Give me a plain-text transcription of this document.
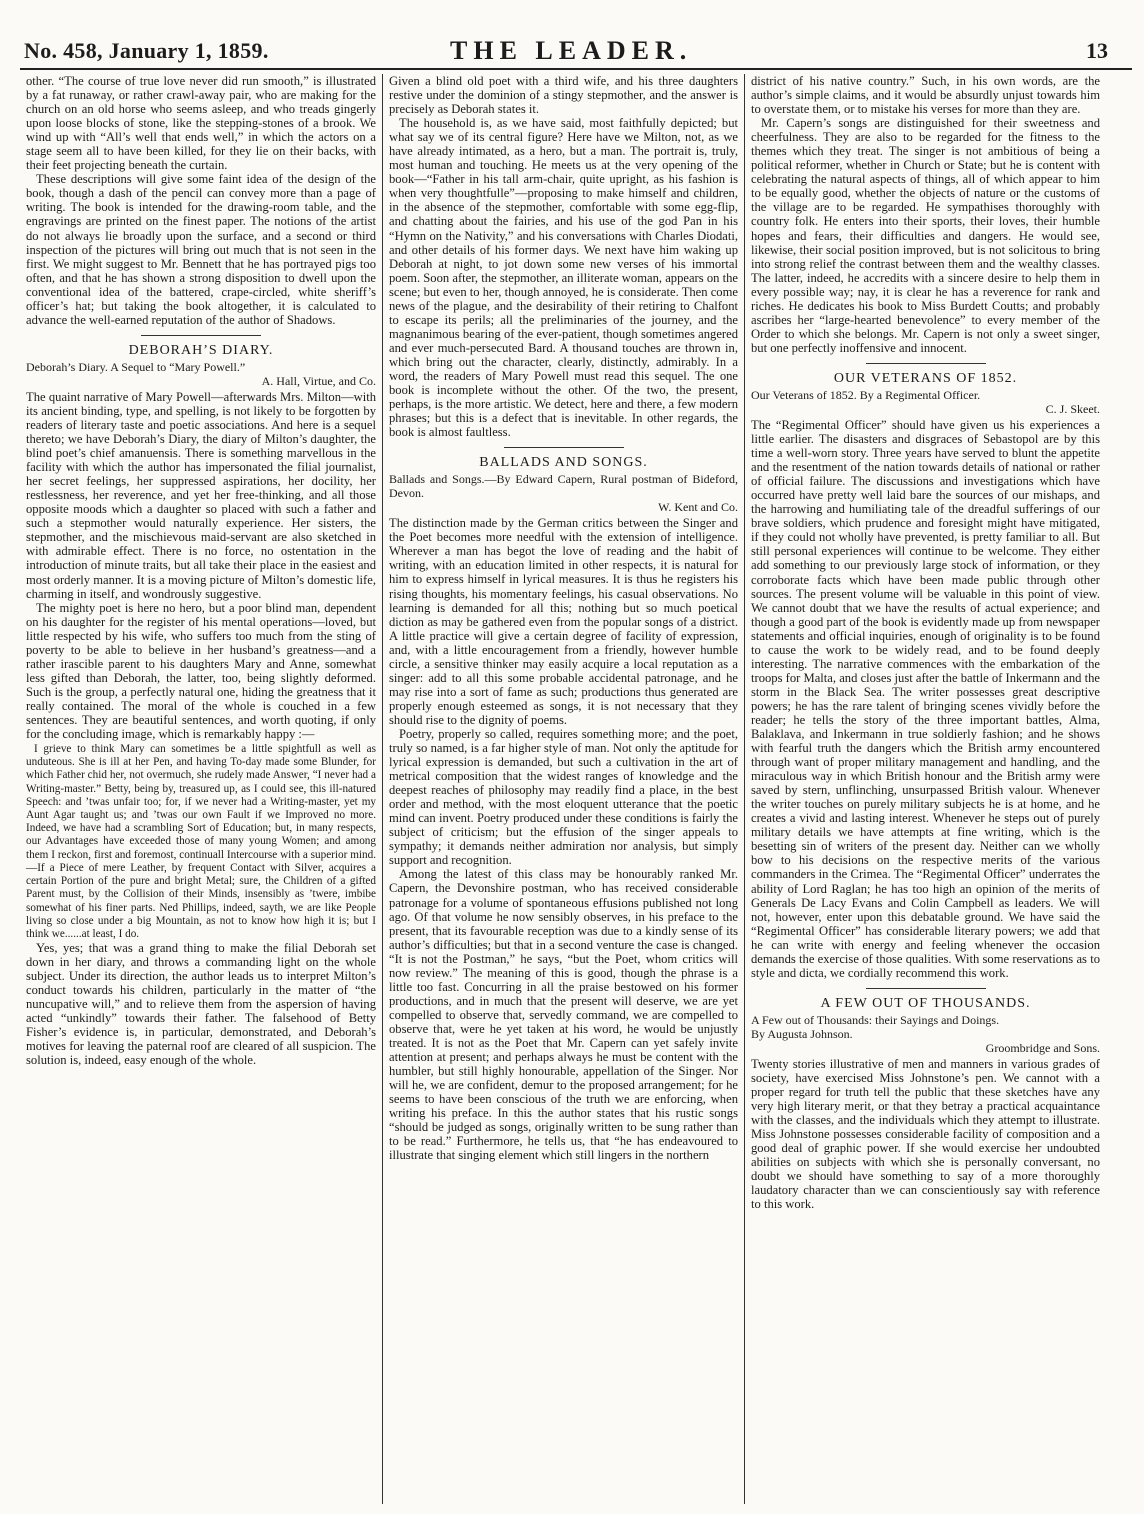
No. 458, January 1, 1859.	THE LEADER.	13

other. “The course of true love never did run smooth,” is illustrated by a fat runaway, or rather crawl-away pair, who are making for the church on an old horse who seems asleep, and who treads gingerly upon loose blocks of stone, like the stepping-stones of a brook. We wind up with “All’s well that ends well,” in which the actors on a stage seem all to have been killed, for they lie on their backs, with their feet projecting beneath the curtain.

These descriptions will give some faint idea of the design of the book, though a dash of the pencil can convey more than a page of writing. The book is intended for the drawing-room table, and the engravings are printed on the finest paper. The notions of the artist do not always lie broadly upon the surface, and a second or third inspection of the pictures will bring out much that is not seen in the first. We might suggest to Mr. Bennett that he has portrayed pigs too often, and that he has shown a strong disposition to dwell upon the conventional idea of the battered, crape-circled, white sheriff’s officer’s hat; but taking the book altogether, it is calculated to advance the well-earned reputation of the author of Shadows.

DEBORAH’S DIARY.

Deborah’s Diary. A Sequel to “Mary Powell.”

A. Hall, Virtue, and Co.

The quaint narrative of Mary Powell—afterwards Mrs. Milton—with its ancient binding, type, and spelling, is not likely to be forgotten by readers of literary taste and poetic associations. And here is a sequel thereto; we have Deborah’s Diary, the diary of Milton’s daughter, the blind poet’s chief amanuensis. There is something marvellous in the facility with which the author has impersonated the filial journalist, her secret feelings, her suppressed aspirations, her docility, her restlessness, her reverence, and yet her free-thinking, and all those opposite moods which a daughter so placed with such a father and such a stepmother would naturally experience. Her sisters, the stepmother, and the mischievous maid-servant are also sketched in with admirable effect. There is no force, no ostentation in the introduction of minute traits, but all take their place in the easiest and most orderly manner. It is a moving picture of Milton’s domestic life, charming in itself, and wondrously suggestive.

The mighty poet is here no hero, but a poor blind man, dependent on his daughter for the register of his mental operations—loved, but little respected by his wife, who suffers too much from the sting of poverty to be able to believe in her husband’s greatness—and a rather irascible parent to his daughters Mary and Anne, somewhat less gifted than Deborah, the latter, too, being slightly deformed. Such is the group, a perfectly natural one, hiding the greatness that it really contained. The moral of the whole is couched in a few sentences. They are beautiful sentences, and worth quoting, if only for the concluding image, which is remarkably happy :—

I grieve to think Mary can sometimes be a little spightfull as well as unduteous. She is ill at her Pen, and having To-day made some Blunder, for which Father chid her, not overmuch, she rudely made Answer, “I never had a Writing-master.” Betty, being by, treasured up, as I could see, this ill-natured Speech: and ’twas unfair too; for, if we never had a Writing-master, yet my Aunt Agar taught us; and ’twas our own Fault if we Improved no more. Indeed, we have had a scrambling Sort of Education; but, in many respects, our Advantages have exceeded those of many young Women; and among them I reckon, first and foremost, continuall Intercourse with a superior mind.—If a Piece of mere Leather, by frequent Contact with Silver, acquires a certain Portion of the pure and bright Metal; sure, the Children of a gifted Parent must, by the Collision of their Minds, insensibly as ’twere, imbibe somewhat of his finer parts. Ned Phillips, indeed, sayth, we are like People living so close under a big Mountain, as not to know how high it is; but I think we......at least, I do.

Yes, yes; that was a grand thing to make the filial Deborah set down in her diary, and throws a commanding light on the whole subject. Under its direction, the author leads us to interpret Milton’s conduct towards his children, particularly in the matter of “the nuncupative will,” and to relieve them from the aspersion of having acted “unkindly” towards their father. The falsehood of Betty Fisher’s evidence is, in particular, demonstrated, and Deborah’s motives for leaving the paternal roof are cleared of all suspicion. The solution is, indeed, easy enough of the whole.

Given a blind old poet with a third wife, and his three daughters restive under the dominion of a stingy stepmother, and the answer is precisely as Deborah states it.

The household is, as we have said, most faithfully depicted; but what say we of its central figure? Here have we Milton, not, as we have already intimated, as a hero, but a man. The portrait is, truly, most human and touching. He meets us at the very opening of the book—“Father in his tall arm-chair, quite upright, as his fashion is when very thoughtfulle”—proposing to make himself and children, in the absence of the stepmother, comfortable with some egg-flip, and chatting about the fairies, and his use of the god Pan in his “Hymn on the Nativity,” and his conversations with Charles Diodati, and other details of his former days. We next have him waking up Deborah at night, to jot down some new verses of his immortal poem. Soon after, the stepmother, an illiterate woman, appears on the scene; but even to her, though annoyed, he is considerate. Then come news of the plague, and the desirability of their retiring to Chalfont to escape its perils; all the preliminaries of the journey, and the magnanimous bearing of the ever-patient, though sometimes angered and ever much-persecuted Bard. A thousand touches are thrown in, which bring out the character, clearly, distinctly, admirably. In a word, the readers of Mary Powell must read this sequel. The one book is incomplete without the other. Of the two, the present, perhaps, is the more artistic. We detect, here and there, a few modern phrases; but this is a defect that is inevitable. In other regards, the book is almost faultless.

BALLADS AND SONGS.

Ballads and Songs.—By Edward Capern, Rural postman of Bideford, Devon.

W. Kent and Co.

The distinction made by the German critics between the Singer and the Poet becomes more needful with the extension of intelligence. Wherever a man has begot the love of reading and the habit of writing, with an education limited in other respects, it is natural for him to express himself in lyrical measures. It is thus he registers his rising thoughts, his momentary feelings, his casual observations. No learning is demanded for all this; nothing but so much poetical diction as may be gathered even from the popular songs of a district. A little practice will give a certain degree of facility of expression, and, with a little encouragement from a friendly, however humble circle, a sensitive thinker may easily acquire a local reputation as a singer: add to all this some probable accidental patronage, and he may rise into a sort of fame as such; productions thus generated are properly enough esteemed as songs, it is not necessary that they should rise to the dignity of poems.

Poetry, properly so called, requires something more; and the poet, truly so named, is a far higher style of man. Not only the aptitude for lyrical expression is demanded, but such a cultivation in the art of metrical composition that the widest ranges of knowledge and the deepest reaches of philosophy may readily find a place, in the best order and method, with the most eloquent utterance that the poetic mind can invent. Poetry produced under these conditions is fairly the subject of criticism; but the effusion of the singer appeals to sympathy; it demands neither admiration nor analysis, but simply support and recognition.

Among the latest of this class may be honourably ranked Mr. Capern, the Devonshire postman, who has received considerable patronage for a volume of spontaneous effusions published not long ago. Of that volume he now sensibly observes, in his preface to the present, that its favourable reception was due to a kindly sense of its author’s difficulties; but that in a second venture the case is changed. “It is not the Postman,” he says, “but the Poet, whom critics will now review.” The meaning of this is good, though the phrase is a little too fast. Concurring in all the praise bestowed on his former productions, and in much that the present will deserve, we are yet compelled to observe that, servedly command, we are compelled to observe that, were he yet taken at his word, he would be unjustly treated. It is not as the Poet that Mr. Capern can yet safely invite attention at present; and perhaps always he must be content with the humbler, but still highly honourable, appellation of the Singer. Nor will he, we are confident, demur to the proposed arrangement; for he seems to have been conscious of the truth we are enforcing, when writing his preface. In this the author states that his rustic songs “should be judged as songs, originally written to be sung rather than to be read.” Furthermore, he tells us, that “he has endeavoured to illustrate that singing element which still lingers in the northern

district of his native country.” Such, in his own words, are the author’s simple claims, and it would be absurdly unjust towards him to overstate them, or to mistake his verses for more than they are.

Mr. Capern’s songs are distinguished for their sweetness and cheerfulness. They are also to be regarded for the fitness to the themes which they treat. The singer is not ambitious of being a political reformer, whether in Church or State; but he is content with celebrating the natural aspects of things, all of which appear to him to be equally good, whether the objects of nature or the customs of the village are to be regarded. He sympathises thoroughly with country folk. He enters into their sports, their loves, their humble hopes and fears, their difficulties and dangers. He would see, likewise, their social position improved, but is not solicitous to bring into strong relief the contrast between them and the wealthy classes. The latter, indeed, he accredits with a sincere desire to help them in every possible way; nay, it is clear he has a reverence for rank and riches. He dedicates his book to Miss Burdett Coutts; and probably ascribes her “large-hearted benevolence” to every member of the Order to which she belongs. Mr. Capern is not only a sweet singer, but one perfectly inoffensive and innocent.

OUR VETERANS OF 1852.

Our Veterans of 1852. By a Regimental Officer.

C. J. Skeet.

The “Regimental Officer” should have given us his experiences a little earlier. The disasters and disgraces of Sebastopol are by this time a well-worn story. Three years have served to blunt the appetite and the resentment of the nation towards details of national or rather of official failure. The discussions and investigations which have occurred have pretty well laid bare the sources of our mishaps, and the harrowing and humiliating tale of the dreadful sufferings of our brave soldiers, which prudence and foresight might have mitigated, if they could not wholly have prevented, is pretty familiar to all. But still personal experiences will continue to be welcome. They either add something to our previously large stock of information, or they corroborate facts which have been made public through other sources. The present volume will be valuable in this point of view. We cannot doubt that we have the results of actual experience; and though a good part of the book is evidently made up from newspaper statements and official inquiries, enough of originality is to be found to cause the work to be widely read, and to be found deeply interesting. The narrative commences with the embarkation of the troops for Malta, and closes just after the battle of Inkermann and the storm in the Black Sea. The writer possesses great descriptive powers; he has the rare talent of bringing scenes vividly before the reader; he tells the story of the three important battles, Alma, Balaklava, and Inkermann in true soldierly fashion; and he shows with fearful truth the dangers which the British army encountered through want of proper military management and handling, and the miraculous way in which British honour and the British army were saved by stern, unflinching, unsurpassed British valour. Whenever the writer touches on purely military subjects he is at home, and he creates a vivid and lasting interest. Whenever he steps out of purely military details we have attempts at fine writing, which is the besetting sin of writers of the present day. Neither can we wholly bow to his decisions on the respective merits of the various commanders in the Crimea. The “Regimental Officer” underrates the ability of Lord Raglan; he has too high an opinion of the merits of Generals De Lacy Evans and Colin Campbell as leaders. We will not, however, enter upon this debatable ground. We have said the “Regimental Officer” has considerable literary powers; we add that he can write with energy and feeling whenever the occasion demands the exercise of those qualities. With some reservations as to style and dicta, we cordially recommend this work.

A FEW OUT OF THOUSANDS.

A Few out of Thousands: their Sayings and Doings.

By Augusta Johnson.

Groombridge and Sons.

Twenty stories illustrative of men and manners in various grades of society, have exercised Miss Johnstone’s pen. We cannot with a proper regard for truth tell the public that these sketches have any very high literary merit, or that they betray a practical acquaintance with the classes, and the individuals which they attempt to illustrate. Miss Johnstone possesses considerable facility of composition and a good deal of graphic power. If she would exercise her undoubted abilities on subjects with which she is personally conversant, no doubt we should have something to say of a more thoroughly laudatory character than we can conscientiously say with reference to this work.
